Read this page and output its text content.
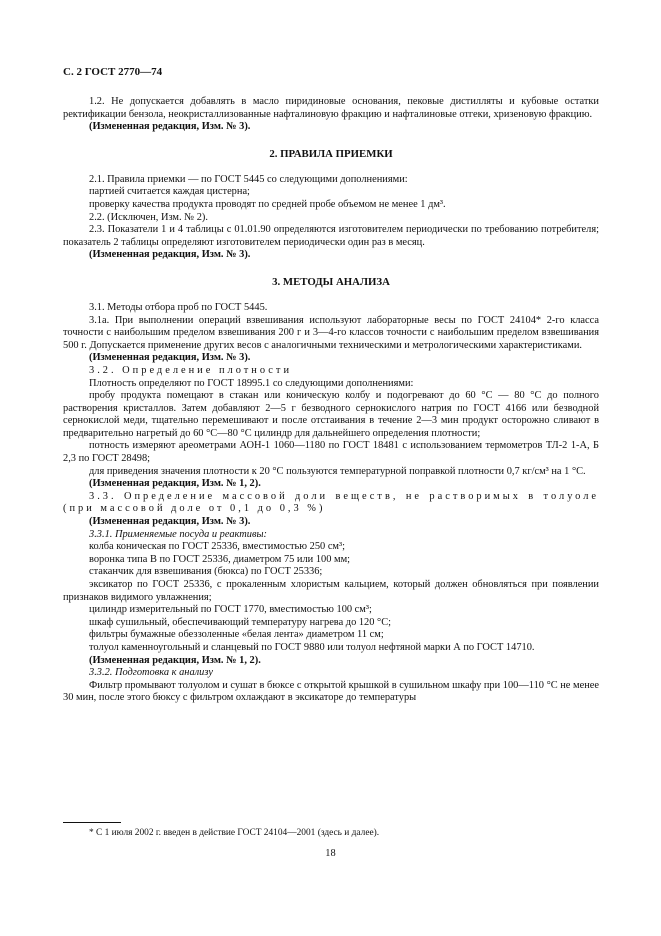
С. 2 ГОСТ 2770—74

1.2. Не допускается добавлять в масло пиридиновые основания, пековые дистилляты и кубовые остатки ректификации бензола, неокристаллизованные нафталиновую фракцию и нафталиновые отгеки, хризеновую фракцию.

(Измененная редакция, Изм. № 3).

2. ПРАВИЛА ПРИЕМКИ

2.1. Правила приемки — по ГОСТ 5445 со следующими дополнениями:

партией считается каждая цистерна;

проверку качества продукта проводят по средней пробе объемом не менее 1 дм³.

2.2. (Исключен, Изм. № 2).

2.3. Показатели 1 и 4 таблицы с 01.01.90 определяются изготовителем периодически по требованию потребителя; показатель 2 таблицы определяют изготовителем периодически один раз в месяц.

(Измененная редакция, Изм. № 3).

3. МЕТОДЫ АНАЛИЗА

3.1. Методы отбора проб по ГОСТ 5445.

3.1а. При выполнении операций взвешивания используют лабораторные весы по ГОСТ 24104* 2-го класса точности с наибольшим пределом взвешивания 200 г и 3—4-го классов точности с наибольшим пределом взвешивания 500 г. Допускается применение других весов с аналогичными техническими и метрологическими характеристиками.

(Измененная редакция, Изм. № 3).

3.2. Определение плотности

Плотность определяют по ГОСТ 18995.1 со следующими дополнениями:

пробу продукта помещают в стакан или коническую колбу и подогревают до 60 °С — 80 °С до полного растворения кристаллов. Затем добавляют 2—5 г безводного сернокислого натрия по ГОСТ 4166 или безводной сернокислой меди, тщательно перемешивают и после отстаивания в течение 2—3 мин продукт осторожно сливают в предварительно нагретый до 60 °С—80 °С цилиндр для дальнейшего определения плотности;

потность измеряют ареометрами АОН-1 1060—1180 по ГОСТ 18481 с использованием термометров ТЛ-2 1-А, Б 2,3 по ГОСТ 28498;

для приведения значения плотности к 20 °С пользуются температурной поправкой плотности 0,7 кг/см³ на 1 °С.

(Измененная редакция, Изм. № 1, 2).

3.3. Определение массовой доли веществ, не растворимых в толуоле (при массовой доле от 0,1 до 0,3 %)

(Измененная редакция, Изм. № 3).

3.3.1. Применяемые посуда и реактивы:

колба коническая по ГОСТ 25336, вместимостью 250 см³;

воронка типа В по ГОСТ 25336, диаметром 75 или 100 мм;

стаканчик для взвешивания (бюкса) по ГОСТ 25336;

эксикатор по ГОСТ 25336, с прокаленным хлористым кальцием, который должен обновляться при появлении признаков видимого увлажнения;

цилиндр измерительный по ГОСТ 1770, вместимостью 100 см³;

шкаф сушильный, обеспечивающий температуру нагрева до 120 °С;

фильтры бумажные обеззоленные «белая лента» диаметром 11 см;

толуол каменноугольный и сланцевый по ГОСТ 9880 или толуол нефтяной марки А по ГОСТ 14710.

(Измененная редакция, Изм. № 1, 2).

3.3.2. Подготовка к анализу

Фильтр промывают толуолом и сушат в бюксе с открытой крышкой в сушильном шкафу при 100—110 °С не менее 30 мин, после этого бюксу с фильтром охлаждают в эксикаторе до температуры

* С 1 июля 2002 г. введен в действие ГОСТ 24104—2001 (здесь и далее).
18
